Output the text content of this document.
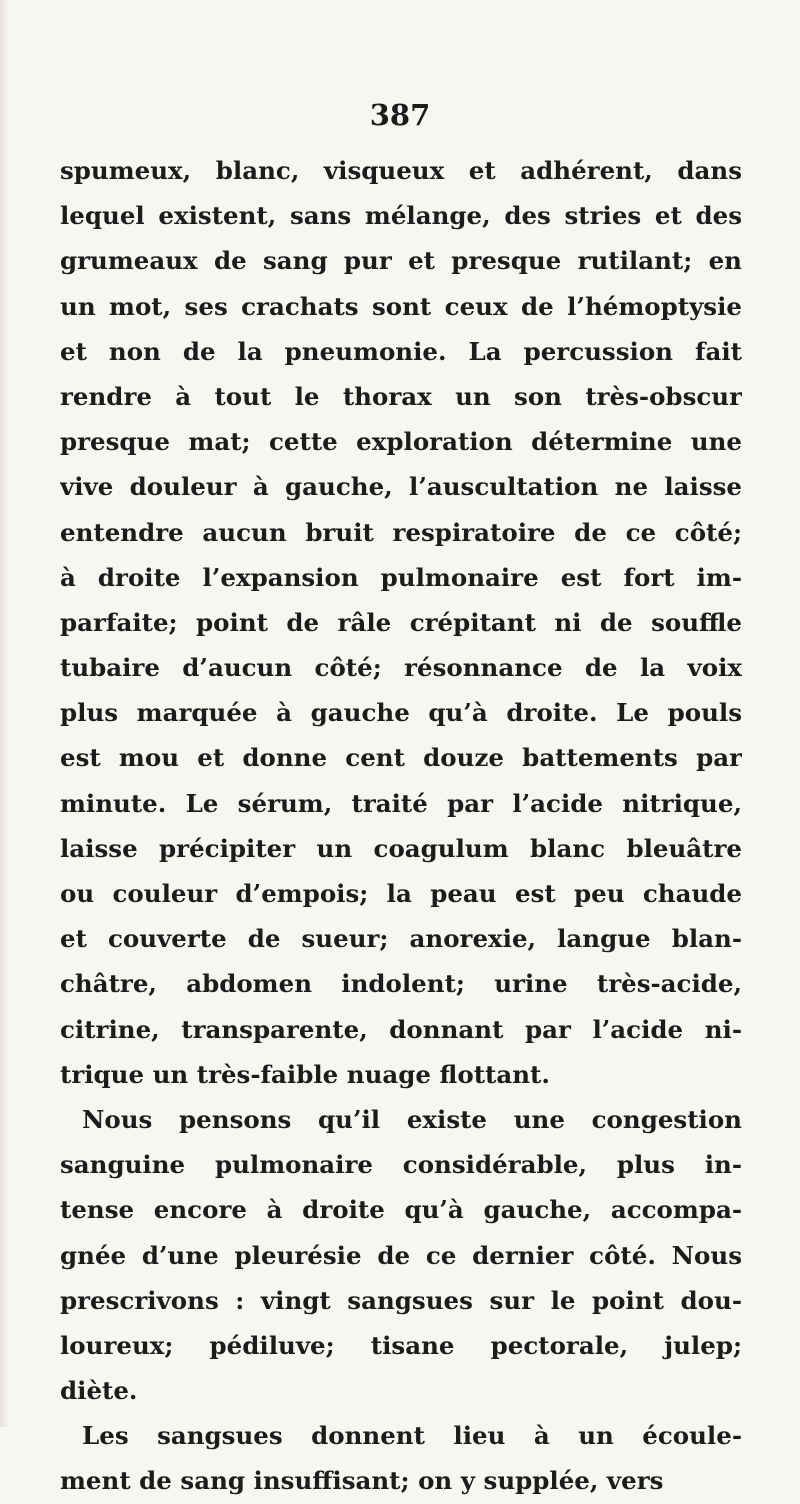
387
spumeux, blanc, visqueux et adhérent, dans
lequel existent, sans mélange, des stries et des
grumeaux de sang pur et presque rutilant; en
un mot, ses crachats sont ceux de l’hémoptysie
et non de la pneumonie. La percussion fait
rendre à tout le thorax un son très-obscur
presque mat; cette exploration détermine une
vive douleur à gauche, l’auscultation ne laisse
entendre aucun bruit respiratoire de ce côté;
à droite l’expansion pulmonaire est fort im-
parfaite; point de râle crépitant ni de souffle
tubaire d’aucun côté; résonnance de la voix
plus marquée à gauche qu’à droite. Le pouls
est mou et donne cent douze battements par
minute. Le sérum, traité par l’acide nitrique,
laisse précipiter un coagulum blanc bleuâtre
ou couleur d’empois; la peau est peu chaude
et couverte de sueur; anorexie, langue blan-
châtre, abdomen indolent; urine très-acide,
citrine, transparente, donnant par l’acide ni-
trique un très-faible nuage flottant.
Nous pensons qu’il existe une congestion
sanguine pulmonaire considérable, plus in-
tense encore à droite qu’à gauche, accompa-
gnée d’une pleurésie de ce dernier côté. Nous
prescrivons : vingt sangsues sur le point dou-
loureux; pédiluve; tisane pectorale, julep;
diète.
Les sangsues donnent lieu à un écoule-
ment de sang insuffisant; on y supplée, vers
